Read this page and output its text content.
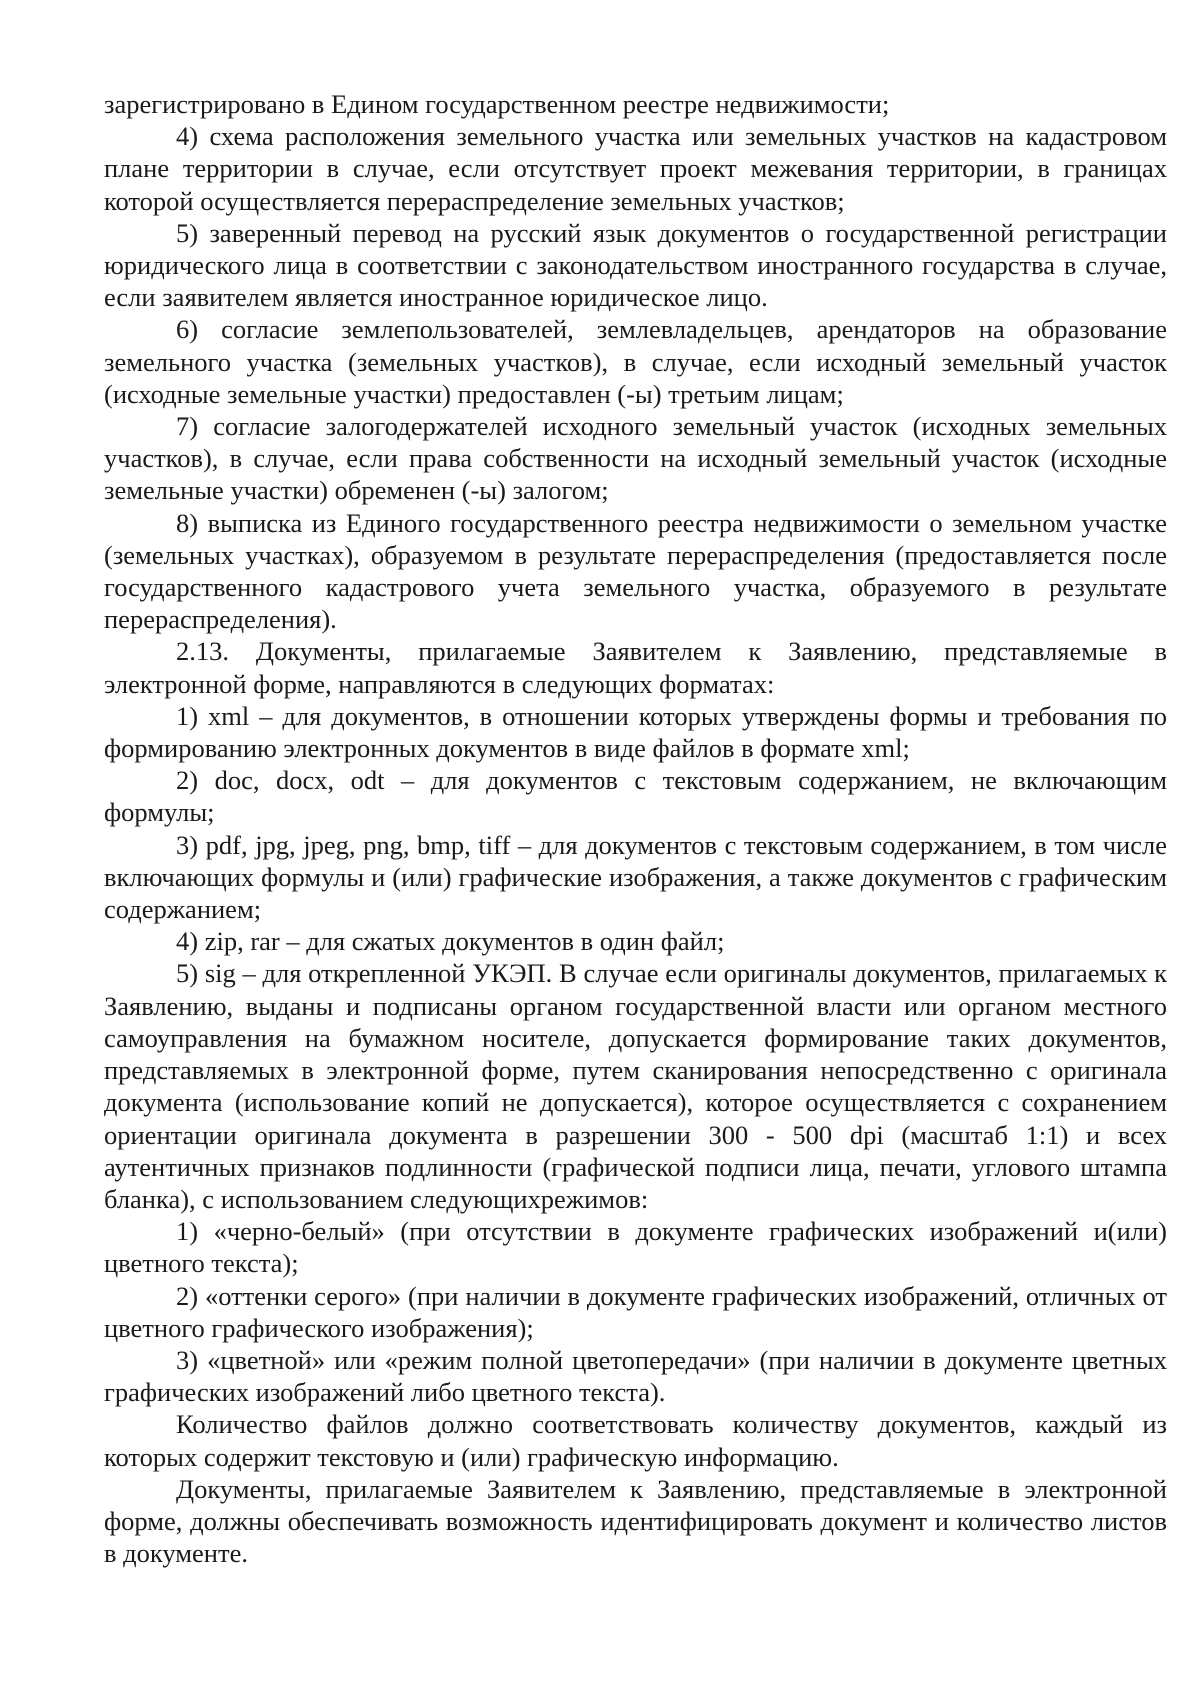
зарегистрировано в Едином государственном реестре недвижимости;

4) схема расположения земельного участка или земельных участков на кадастровом плане территории в случае, если отсутствует проект межевания территории, в границах которой осуществляется перераспределение земельных участков;

5) заверенный перевод на русский язык документов о государственной регистрации юридического лица в соответствии с законодательством иностранного государства в случае, если заявителем является иностранное юридическое лицо.

6) согласие землепользователей, землевладельцев, арендаторов на образование земельного участка (земельных участков), в случае, если исходный земельный участок (исходные земельные участки) предоставлен (-ы) третьим лицам;

7) согласие залогодержателей исходного земельный участок (исходных земельных участков), в случае, если права собственности на исходный земельный участок (исходные земельные участки) обременен (-ы) залогом;

8) выписка из Единого государственного реестра недвижимости о земельном участке (земельных участках), образуемом в результате перераспределения (предоставляется после государственного кадастрового учета земельного участка, образуемого в результате перераспределения).

2.13. Документы, прилагаемые Заявителем к Заявлению, представляемые в электронной форме, направляются в следующих форматах:

1) xml – для документов, в отношении которых утверждены формы и требования по формированию электронных документов в виде файлов в формате xml;

2) doc, docx, odt – для документов с текстовым содержанием, не включающим формулы;

3) pdf, jpg, jpeg, png, bmp, tiff – для документов с текстовым содержанием, в том числе включающих формулы и (или) графические изображения, а также документов с графическим содержанием;

4) zip, rar – для сжатых документов в один файл;

5) sig – для открепленной УКЭП. В случае если оригиналы документов, прилагаемых к Заявлению, выданы и подписаны органом государственной власти или органом местного самоуправления на бумажном носителе, допускается формирование таких документов, представляемых в электронной форме, путем сканирования непосредственно с оригинала документа (использование копий не допускается), которое осуществляется с сохранением ориентации оригинала документа в разрешении 300 - 500 dpi (масштаб 1:1) и всех аутентичных признаков подлинности (графической подписи лица, печати, углового штампа бланка), с использованием следующихрежимов:

1) «черно-белый» (при отсутствии в документе графических изображений и(или) цветного текста);

2) «оттенки серого» (при наличии в документе графических изображений, отличных от цветного графического изображения);

3) «цветной» или «режим полной цветопередачи» (при наличии в документе цветных графических изображений либо цветного текста).

Количество файлов должно соответствовать количеству документов, каждый из которых содержит текстовую и (или) графическую информацию.

Документы, прилагаемые Заявителем к Заявлению, представляемые в электронной форме, должны обеспечивать возможность идентифицировать документ и количество листов в документе.
